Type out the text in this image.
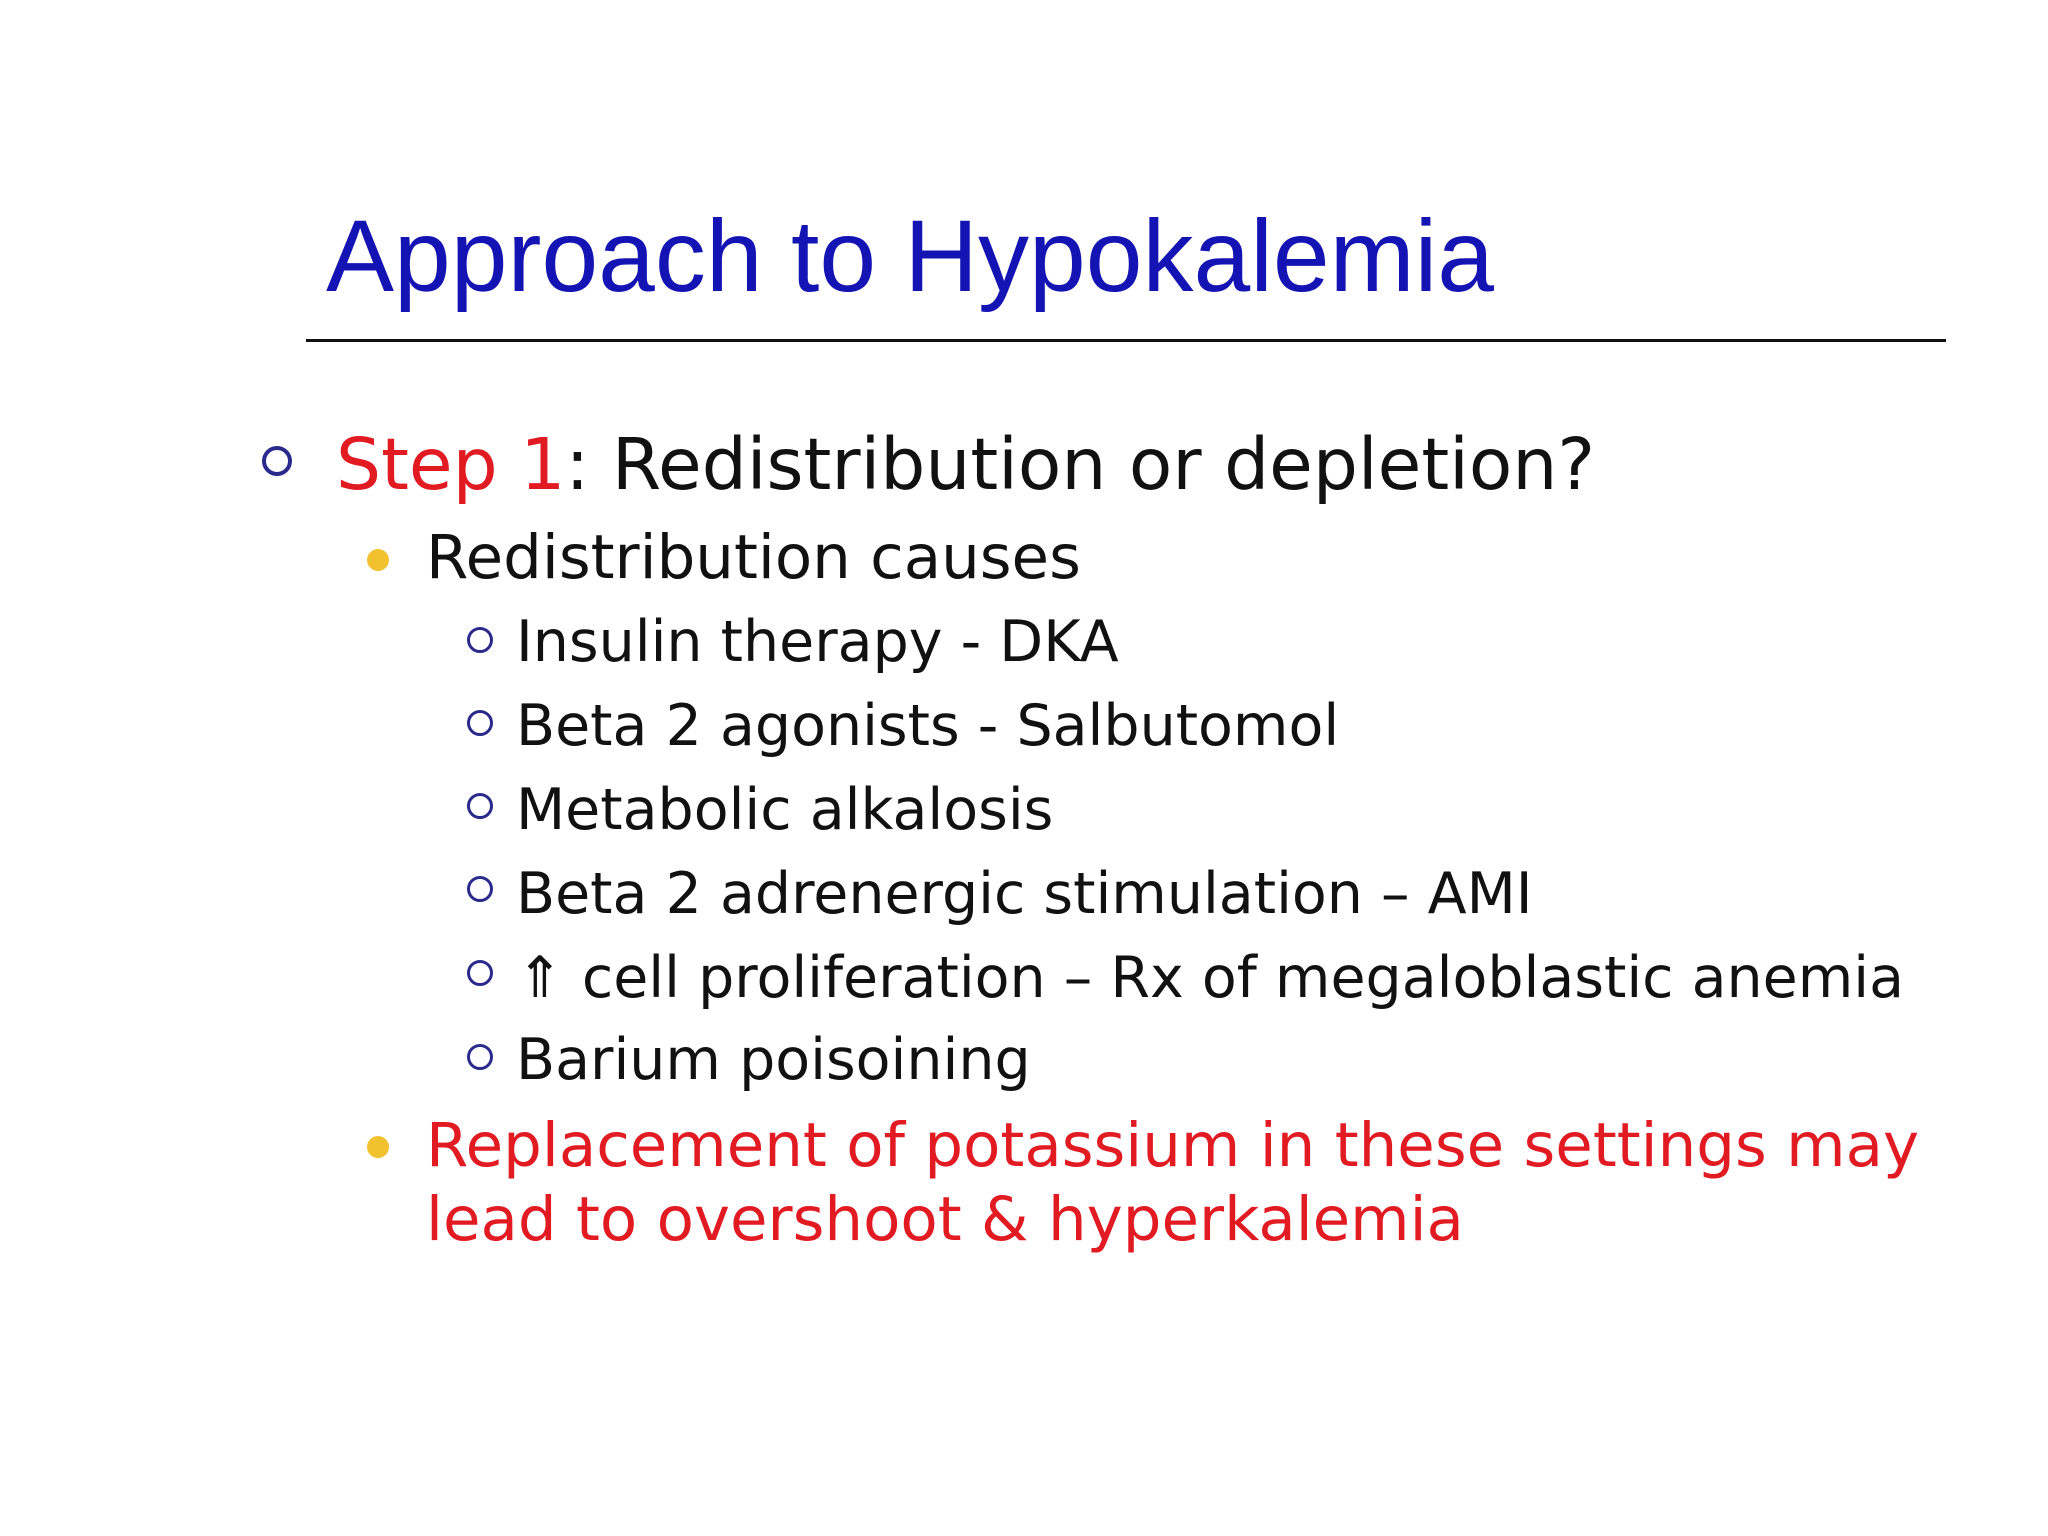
Approach to Hypokalemia
Step 1: Redistribution or depletion?
Redistribution causes
Insulin therapy - DKA
Beta 2 agonists - Salbutomol
Metabolic alkalosis
Beta 2 adrenergic stimulation – AMI
⇑ cell proliferation – Rx of megaloblastic anemia
Barium poisoining
Replacement of potassium in these settings may
lead to overshoot & hyperkalemia
